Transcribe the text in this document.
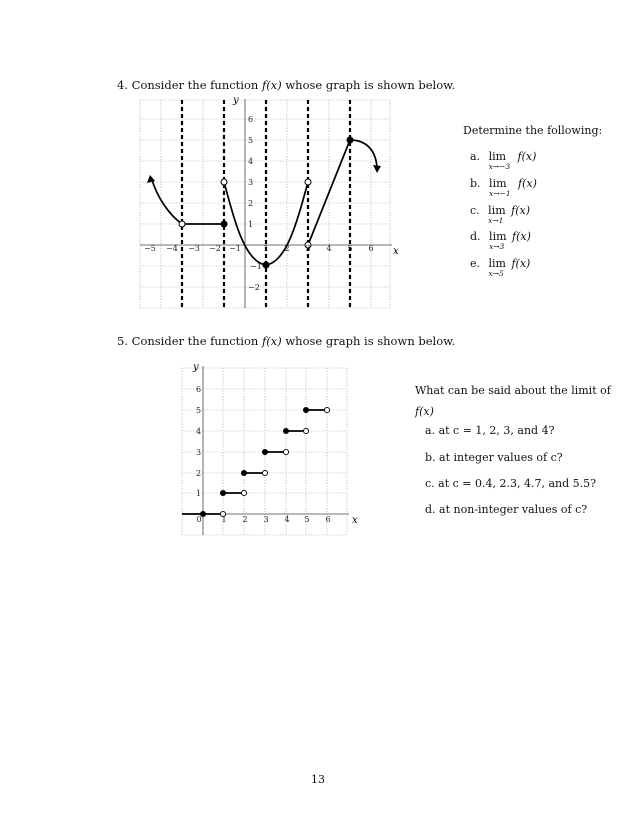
4. Consider the function f(x) whose graph is shown below.
−5 −4 −3 −2 −1	1 2 3 4 5 6
−2
−1
1
2
3
4
5
6
x
y
Determine the following:
a. lim
x→−3
f(x)
b. lim
x→−1
f(x)
c. lim
x→1
f(x)
d. lim
x→3
f(x)
e. lim
x→5
f(x)
5. Consider the function f(x) whose graph is shown below.
0 1 2 3 4 5 6
1
2
3
4
5
6
x
y
What can be said about the limit of
f(x)
a. at c = 1, 2, 3, and 4?
b. at integer values of c?
c. at c = 0.4, 2.3, 4.7, and 5.5?
d. at non-integer values of c?
13
